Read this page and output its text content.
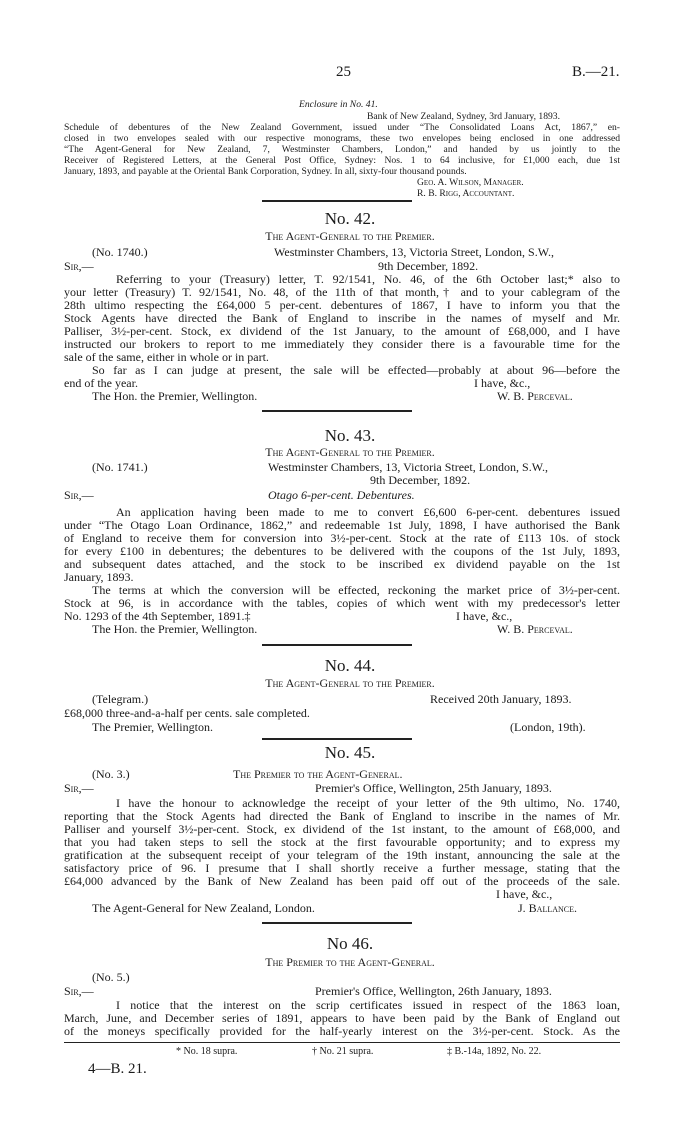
25	B.—21.
Enclosure in No. 41.
Bank of New Zealand, Sydney, 3rd January, 1893.
Schedule of debentures of the New Zealand Government, issued under “The Consolidated Loans Act, 1867,” en-
closed in two envelopes sealed with our respective monograms, these two envelopes being enclosed in one addressed
“The Agent-General for New Zealand, 7, Westminster Chambers, London,” and handed by us jointly to the
Receiver of Registered Letters, at the General Post Office, Sydney: Nos. 1 to 64 inclusive, for £1,000 each, due 1st
January, 1893, and payable at the Oriental Bank Corporation, Sydney. In all, sixty-four thousand pounds.
Geo. A. Wilson, Manager.
R. B. Rigg, Accountant.
No. 42.
The Agent-General to the Premier.
(No. 1740.)	Westminster Chambers, 13, Victoria Street, London, S.W.,
9th December, 1892.
Sir,—
Referring to your (Treasury) letter, T. 92/1541, No. 46, of the 6th October last;* also to
your letter (Treasury) T. 92/1541, No. 48, of the 11th of that month,† and to your cablegram of the
28th ultimo respecting the £64,000 5 per-cent. debentures of 1867, I have to inform you that the
Stock Agents have directed the Bank of England to inscribe in the names of myself and Mr.
Palliser, 3½-per-cent. Stock, ex dividend of the 1st January, to the amount of £68,000, and I have
instructed our brokers to report to me immediately they consider there is a favourable time for the
sale of the same, either in whole or in part.
So far as I can judge at present, the sale will be effected—probably at about 96—before the
end of the year.	I have, &c.,
The Hon. the Premier, Wellington.	W. B. Perceval.
No. 43.
The Agent-General to the Premier.
(No. 1741.)	Westminster Chambers, 13, Victoria Street, London, S.W.,
9th December, 1892.
Sir,—	Otago 6-per-cent. Debentures.
An application having been made to me to convert £6,600 6-per-cent. debentures issued
under “The Otago Loan Ordinance, 1862,” and redeemable 1st July, 1898, I have authorised the Bank
of England to receive them for conversion into 3½-per-cent. Stock at the rate of £113 10s. of stock
for every £100 in debentures; the debentures to be delivered with the coupons of the 1st July, 1893,
and subsequent dates attached, and the stock to be inscribed ex dividend payable on the 1st
January, 1893.
The terms at which the conversion will be effected, reckoning the market price of 3½-per-cent.
Stock at 96, is in accordance with the tables, copies of which went with my predecessor's letter
No. 1293 of the 4th September, 1891.‡	I have, &c.,
The Hon. the Premier, Wellington.	W. B. Perceval.
No. 44.
The Agent-General to the Premier.
(Telegram.)	Received 20th January, 1893.
£68,000 three-and-a-half per cents. sale completed.
The Premier, Wellington.	(London, 19th).
No. 45.
(No. 3.)	The Premier to the Agent-General.
Sir,—	Premier's Office, Wellington, 25th January, 1893.
I have the honour to acknowledge the receipt of your letter of the 9th ultimo, No. 1740,
reporting that the Stock Agents had directed the Bank of England to inscribe in the names of Mr.
Palliser and yourself 3½-per-cent. Stock, ex dividend of the 1st instant, to the amount of £68,000, and
that you had taken steps to sell the stock at the first favourable opportunity; and to express my
gratification at the subsequent receipt of your telegram of the 19th instant, announcing the sale at the
satisfactory price of 96. I presume that I shall shortly receive a further message, stating that the
£64,000 advanced by the Bank of New Zealand has been paid off out of the proceeds of the sale.
I have, &c.,
The Agent-General for New Zealand, London.	J. Ballance.
No 46.
The Premier to the Agent-General.
(No. 5.)
Sir,—	Premier's Office, Wellington, 26th January, 1893.
I notice that the interest on the scrip certificates issued in respect of the 1863 loan,
March, June, and December series of 1891, appears to have been paid by the Bank of England out
of the moneys specifically provided for the half-yearly interest on the 3½-per-cent. Stock. As the
* No. 18 supra.	† No. 21 supra.	‡ B.-14a, 1892, No. 22.
4—B. 21.
